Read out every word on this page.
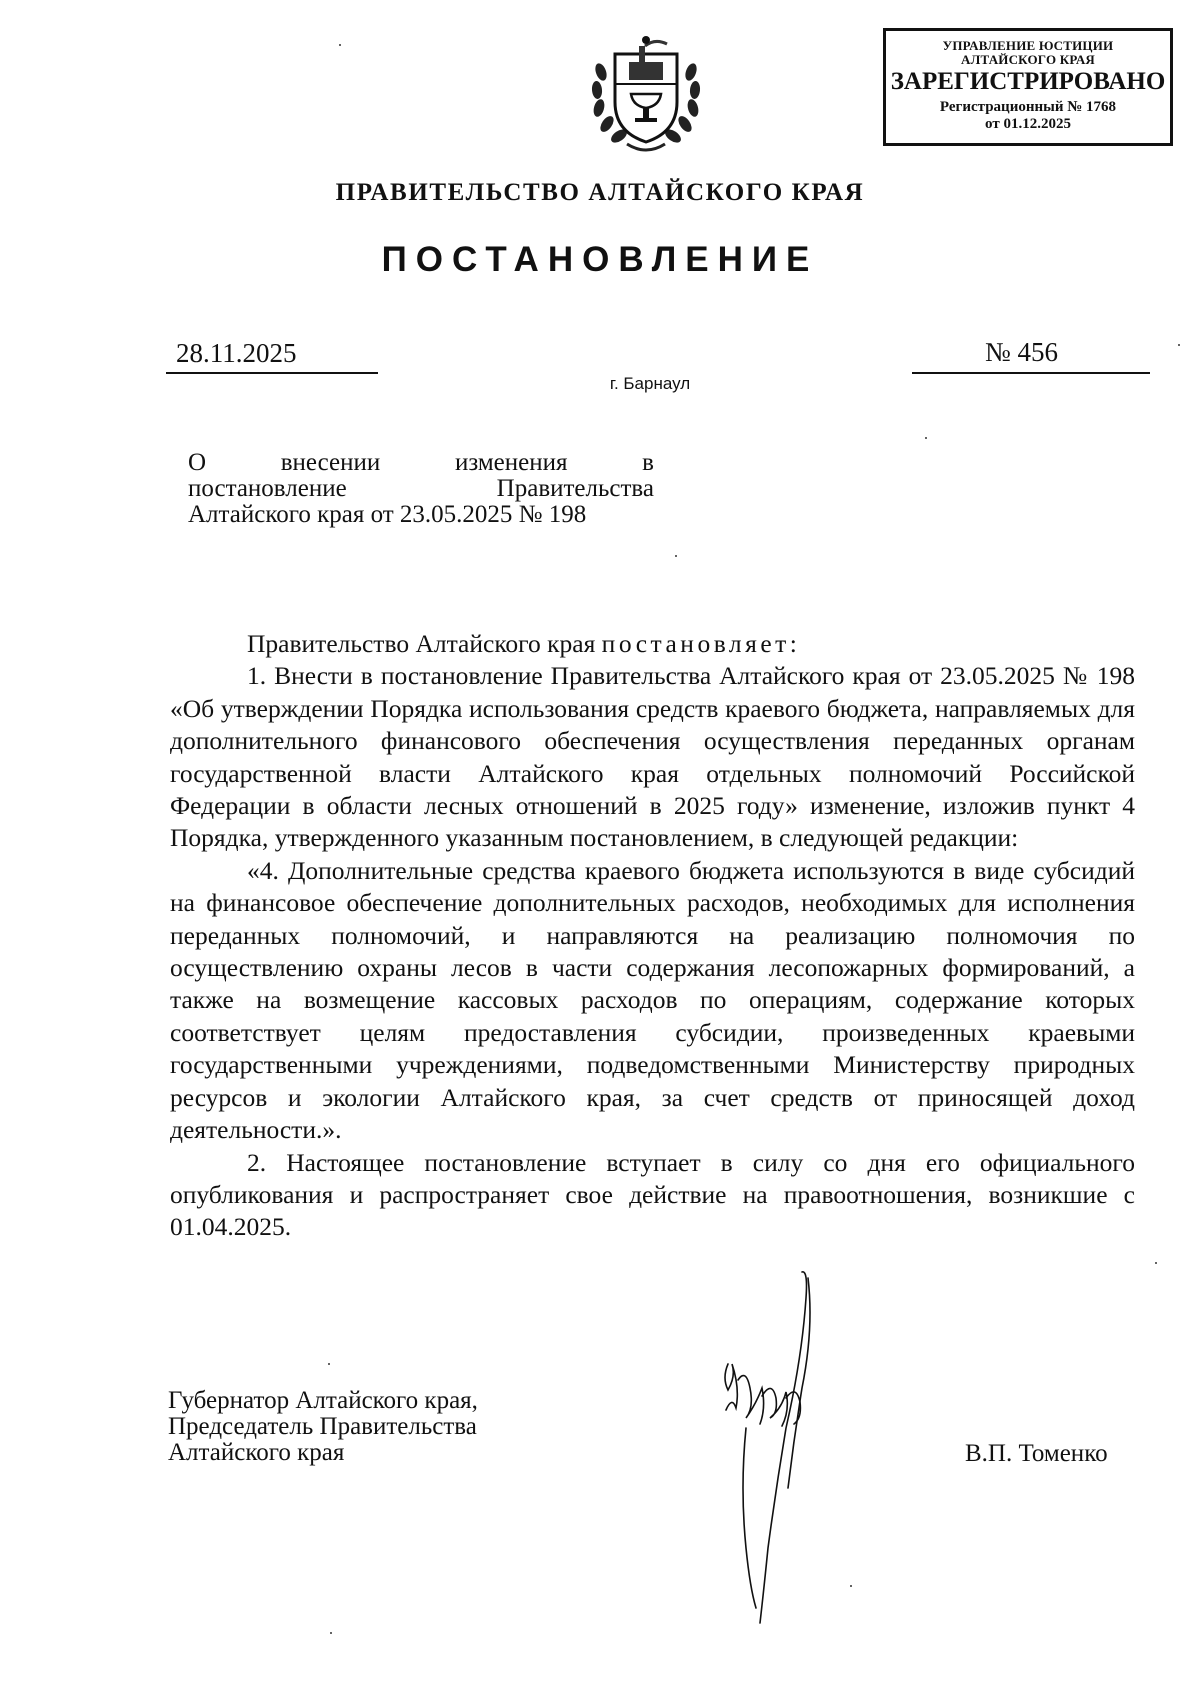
УПРАВЛЕНИЕ ЮСТИЦИИ
АЛТАЙСКОГО КРАЯ
ЗАРЕГИСТРИРОВАНО
Регистрационный № 1768
от 01.12.2025
ПРАВИТЕЛЬСТВО АЛТАЙСКОГО КРАЯ
ПОСТАНОВЛЕНИЕ
28.11.2025	№ 456
г. Барнаул

О внесении изменения в

постановление Правительства

Алтайского края от 23.05.2025 № 198

Правительство Алтайского края постановляет:

1. Внести в постановление Правительства Алтайского края от 23.05.2025 № 198 «Об утверждении Порядка использования средств краевого бюджета, направляемых для дополнительного финансового обеспечения осуществления переданных органам государственной власти Алтайского края отдельных полномочий Российской Федерации в области лесных отношений в 2025 году» изменение, изложив пункт 4 Порядка, утвержденного указанным постановлением, в следующей редакции:

«4. Дополнительные средства краевого бюджета используются в виде субсидий на финансовое обеспечение дополнительных расходов, необходимых для исполнения переданных полномочий, и направляются на реализацию полномочия по осуществлению охраны лесов в части содержания лесопожарных формирований, а также на возмещение кассовых расходов по операциям, содержание которых соответствует целям предоставления субсидии, произведенных краевыми государственными учреждениями, подведомственными Министерству природных ресурсов и экологии Алтайского края, за счет средств от приносящей доход деятельности.».

2. Настоящее постановление вступает в силу со дня его официального опубликования и распространяет свое действие на правоотношения, возникшие с 01.04.2025.

Губернатор Алтайского края,
Председатель Правительства
Алтайского края	В.П. Томенко
